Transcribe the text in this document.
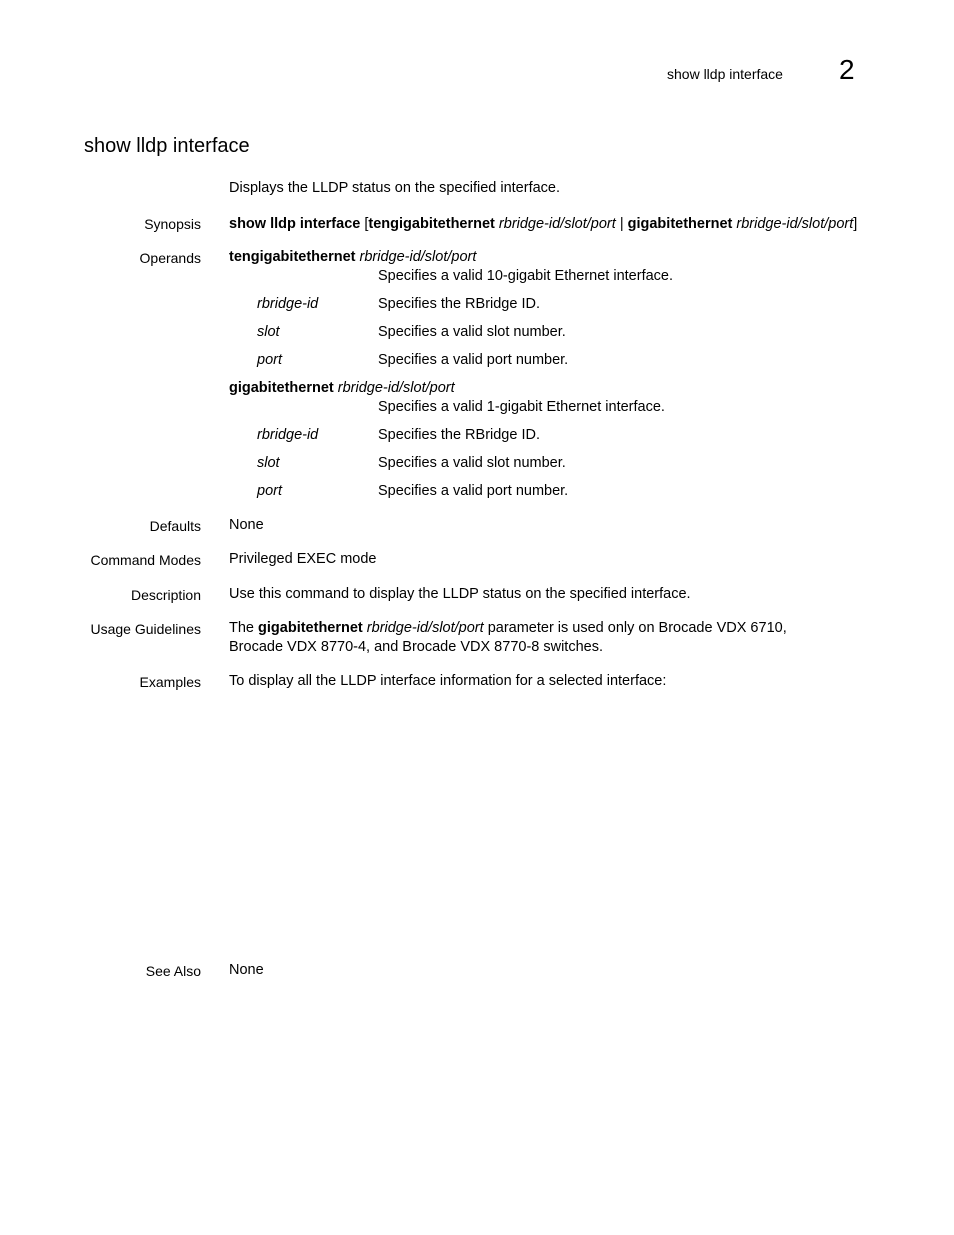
show lldp interface 2
show lldp interface
Displays the LLDP status on the specified interface.
Synopsis show lldp interface [tengigabitethernet rbridge-id/slot/port | gigabitethernet rbridge-id/slot/port]
Operands tengigabitethernet rbridge-id/slot/port
Specifies a valid 10-gigabit Ethernet interface.
rbridge-id	Specifies the RBridge ID.
slot	Specifies a valid slot number.
port	Specifies a valid port number.
gigabitethernet rbridge-id/slot/port
Specifies a valid 1-gigabit Ethernet interface.
rbridge-id	Specifies the RBridge ID.
slot	Specifies a valid slot number.
port	Specifies a valid port number.
Defaults None
Command Modes Privileged EXEC mode
Description Use this command to display the LLDP status on the specified interface.
Usage Guidelines The gigabitethernet rbridge-id/slot/port parameter is used only on Brocade VDX 6710,
Brocade VDX 8770-4, and Brocade VDX 8770-8 switches.
Examples To display all the LLDP interface information for a selected interface:
See Also None
